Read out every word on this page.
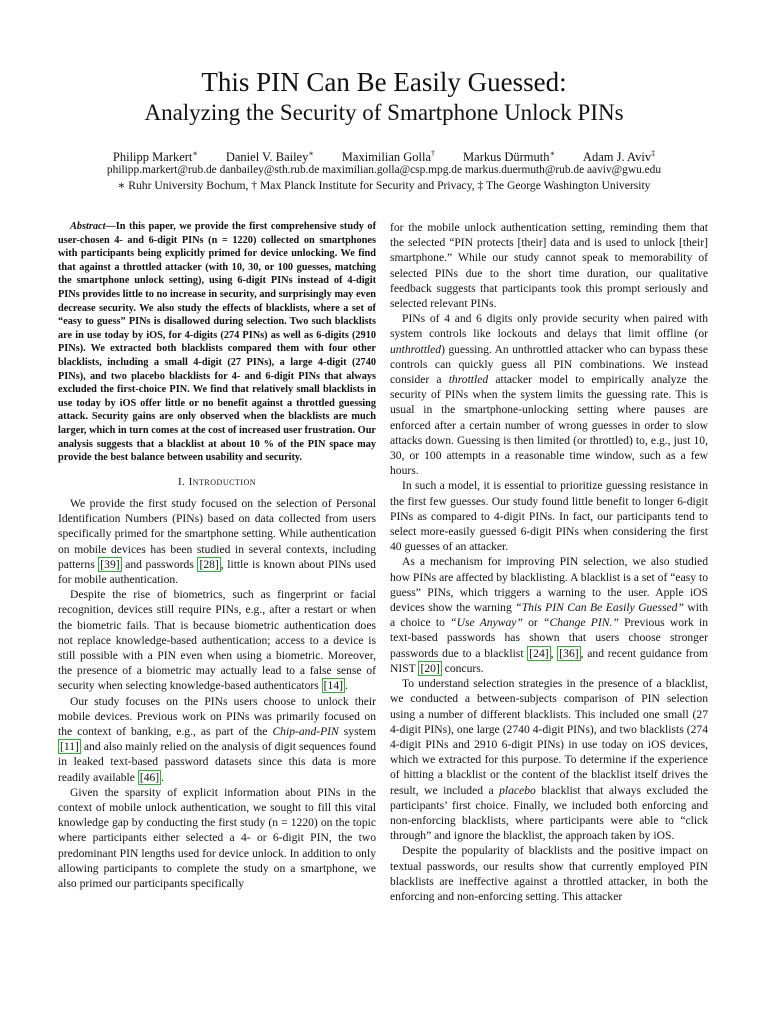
This PIN Can Be Easily Guessed:
Analyzing the Security of Smartphone Unlock PINs
Philipp Markert∗ Daniel V. Bailey∗ Maximilian Golla† Markus Dürmuth∗ Adam J. Aviv‡
philipp.markert@rub.de danbailey@sth.rub.de maximilian.golla@csp.mpg.de markus.duermuth@rub.de aaviv@gwu.edu
∗ Ruhr University Bochum, † Max Planck Institute for Security and Privacy, ‡ The George Washington University

Abstract—In this paper, we provide the first comprehensive study of user-chosen 4- and 6-digit PINs (n = 1220) collected on smartphones with participants being explicitly primed for device unlocking. We find that against a throttled attacker (with 10, 30, or 100 guesses, matching the smartphone unlock setting), using 6-digit PINs instead of 4-digit PINs provides little to no increase in security, and surprisingly may even decrease security. We also study the effects of blacklists, where a set of “easy to guess” PINs is disallowed during selection. Two such blacklists are in use today by iOS, for 4-digits (274 PINs) as well as 6-digits (2910 PINs). We extracted both blacklists compared them with four other blacklists, including a small 4-digit (27 PINs), a large 4-digit (2740 PINs), and two placebo blacklists for 4- and 6-digit PINs that always excluded the first-choice PIN. We find that relatively small blacklists in use today by iOS offer little or no benefit against a throttled guessing attack. Security gains are only observed when the blacklists are much larger, which in turn comes at the cost of increased user frustration. Our analysis suggests that a blacklist at about 10 % of the PIN space may provide the best balance between usability and security.

I. Introduction

We provide the first study focused on the selection of Personal Identification Numbers (PINs) based on data collected from users specifically primed for the smartphone setting. While authentication on mobile devices has been studied in several contexts, including patterns [39] and passwords [28] , little is known about PINs used for mobile authentication.

Despite the rise of biometrics, such as fingerprint or facial recognition, devices still require PINs, e.g., after a restart or when the biometric fails. That is because biometric authentication does not replace knowledge-based authentication; access to a device is still possible with a PIN even when using a biometric. Moreover, the presence of a biometric may actually lead to a false sense of security when selecting knowledge-based authenticators [14] .

Our study focuses on the PINs users choose to unlock their mobile devices. Previous work on PINs was primarily focused on the context of banking, e.g., as part of the Chip-and-PIN system [11] and also mainly relied on the analysis of digit sequences found in leaked text-based password datasets since this data is more readily available [46] .

Given the sparsity of explicit information about PINs in the context of mobile unlock authentication, we sought to fill this vital knowledge gap by conducting the first study (n = 1220) on the topic where participants either selected a 4- or 6-digit PIN, the two predominant PIN lengths used for device unlock. In addition to only allowing participants to complete the study on a smartphone, we also primed our participants specifically

for the mobile unlock authentication setting, reminding them that the selected “PIN protects [their] data and is used to unlock [their] smartphone.” While our study cannot speak to memorability of selected PINs due to the short time duration, our qualitative feedback suggests that participants took this prompt seriously and selected relevant PINs.

PINs of 4 and 6 digits only provide security when paired with system controls like lockouts and delays that limit offline (or unthrottled) guessing. An unthrottled attacker who can bypass these controls can quickly guess all PIN combinations. We instead consider a throttled attacker model to empirically analyze the security of PINs when the system limits the guessing rate. This is usual in the smartphone-unlocking setting where pauses are enforced after a certain number of wrong guesses in order to slow attacks down. Guessing is then limited (or throttled) to, e.g., just 10, 30, or 100 attempts in a reasonable time window, such as a few hours.

In such a model, it is essential to prioritize guessing resistance in the first few guesses. Our study found little benefit to longer 6-digit PINs as compared to 4-digit PINs. In fact, our participants tend to select more-easily guessed 6-digit PINs when considering the first 40 guesses of an attacker.

As a mechanism for improving PIN selection, we also studied how PINs are affected by blacklisting. A blacklist is a set of “easy to guess” PINs, which triggers a warning to the user. Apple iOS devices show the warning “This PIN Can Be Easily Guessed” with a choice to “Use Anyway” or “Change PIN.” Previous work in text-based passwords has shown that users choose stronger passwords due to a blacklist [24] , [36] , and recent guidance from NIST [20] concurs.

To understand selection strategies in the presence of a blacklist, we conducted a between-subjects comparison of PIN selection using a number of different blacklists. This included one small (27 4-digit PINs), one large (2740 4-digit PINs), and two blacklists (274 4-digit PINs and 2910 6-digit PINs) in use today on iOS devices, which we extracted for this purpose. To determine if the experience of hitting a blacklist or the content of the blacklist itself drives the result, we included a placebo blacklist that always excluded the participants’ first choice. Finally, we included both enforcing and non-enforcing blacklists, where participants were able to “click through” and ignore the blacklist, the approach taken by iOS.

Despite the popularity of blacklists and the positive impact on textual passwords, our results show that currently employed PIN blacklists are ineffective against a throttled attacker, in both the enforcing and non-enforcing setting. This attacker
